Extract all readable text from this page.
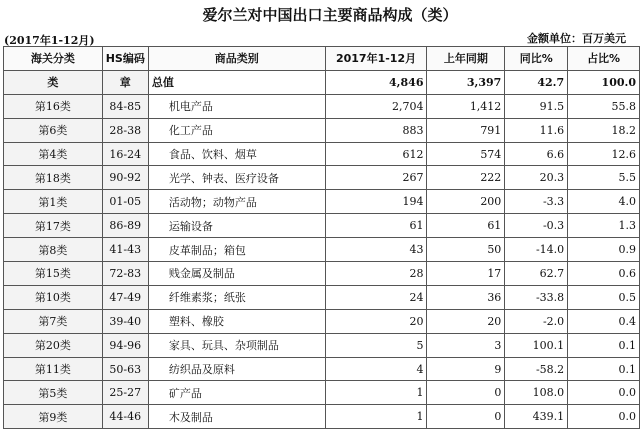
爱尔兰对中国出口主要商品构成（类）
(2017年1-12月)	金额单位：百万美元
海关分类	HS编码	商品类别	2017年1-12月	上年同期	同比%	占比%
类	章	总值	4,846	3,397	42.7	100.0
第16类	84-85	机电产品	2,704	1,412	91.5	55.8
第6类	28-38	化工产品	883	791	11.6	18.2
第4类	16-24	食品、饮料、烟草	612	574	6.6	12.6
第18类	90-92	光学、钟表、医疗设备	267	222	20.3	5.5
第1类	01-05	活动物；动物产品	194	200	-3.3	4.0
第17类	86-89	运输设备	61	61	-0.3	1.3
第8类	41-43	皮革制品；箱包	43	50	-14.0	0.9
第15类	72-83	贱金属及制品	28	17	62.7	0.6
第10类	47-49	纤维素浆；纸张	24	36	-33.8	0.5
第7类	39-40	塑料、橡胶	20	20	-2.0	0.4
第20类	94-96	家具、玩具、杂项制品	5	3	100.1	0.1
第11类	50-63	纺织品及原料	4	9	-58.2	0.1
第5类	25-27	矿产品	1	0	108.0	0.0
第9类	44-46	木及制品	1	0	439.1	0.0
